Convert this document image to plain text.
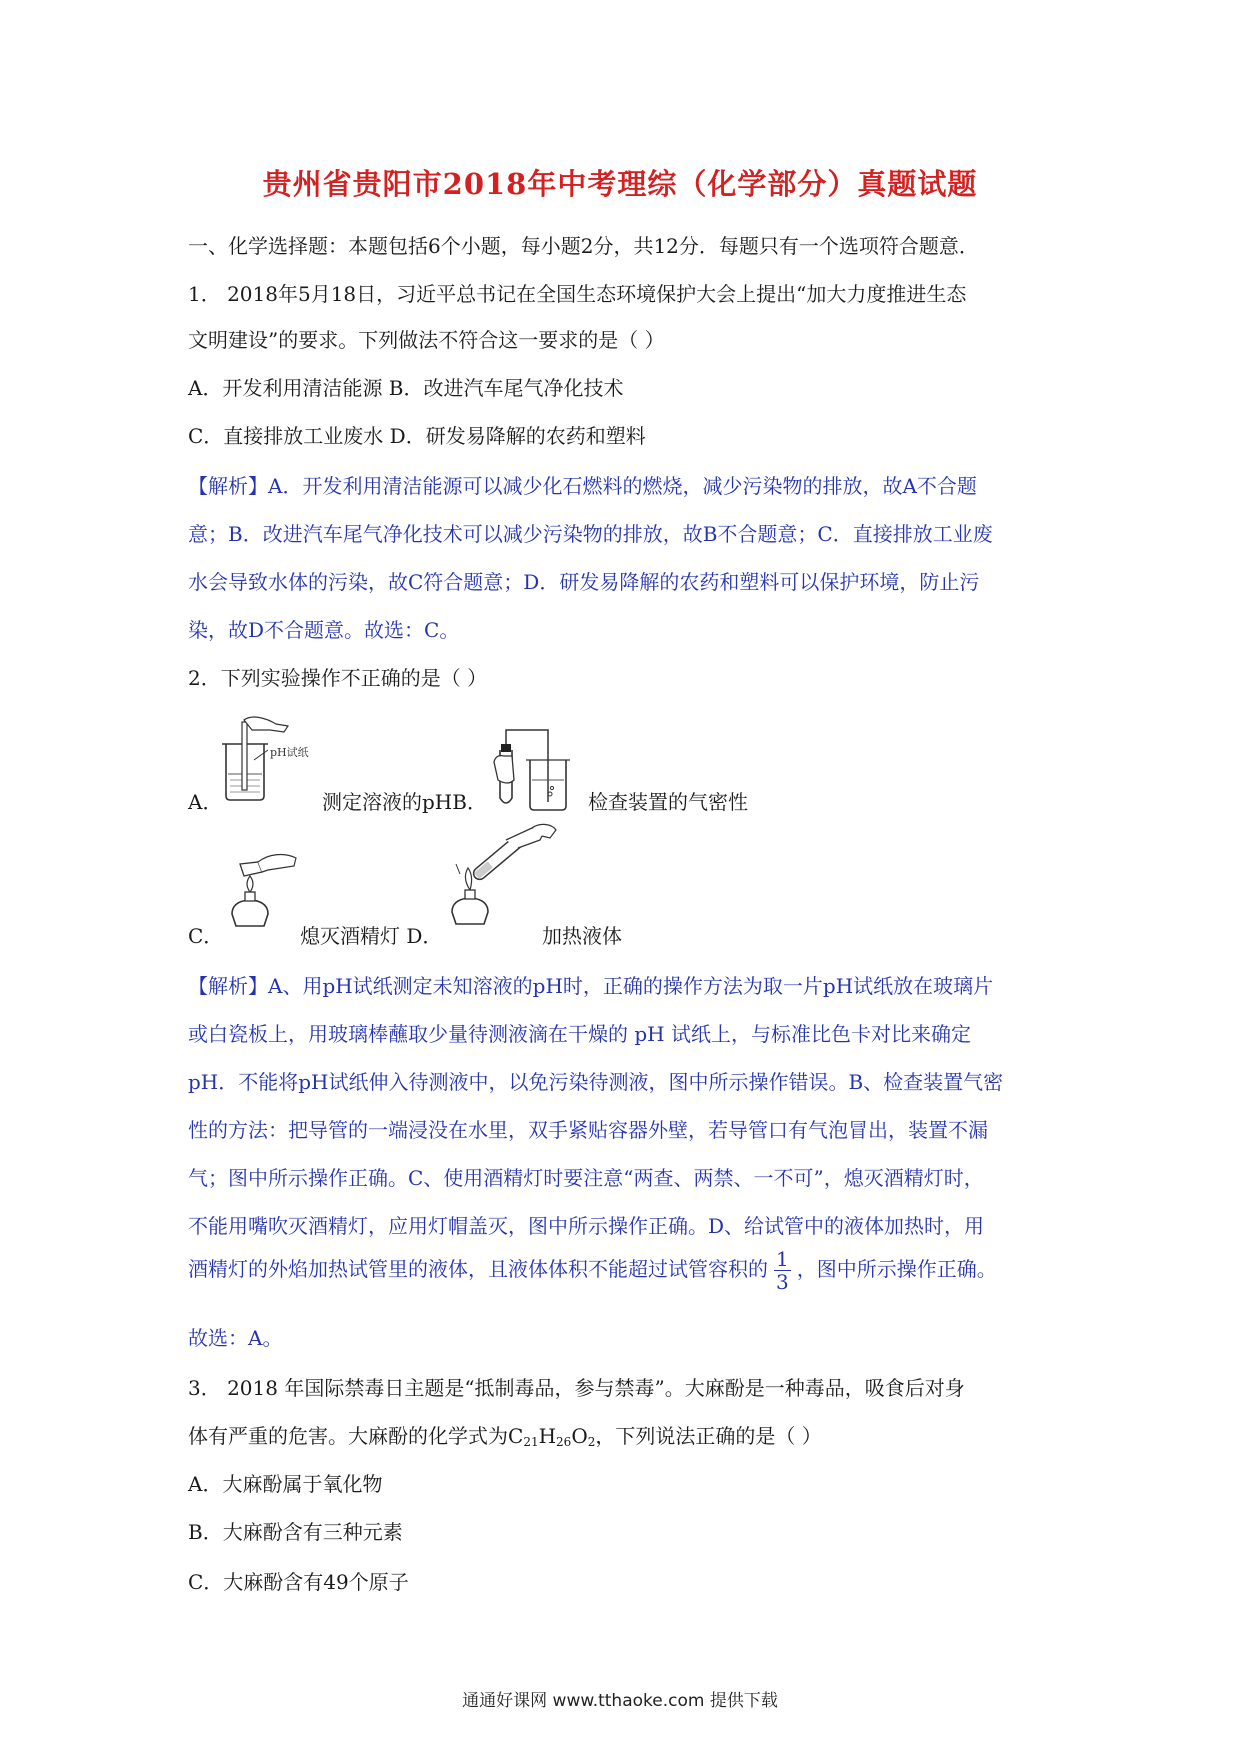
贵州省贵阳市2018年中考理综（化学部分）真题试题
一、化学选择题：本题包括6个小题，每小题2分，共12分．每题只有一个选项符合题意．
1． 2018年5月18日，习近平总书记在全国生态环境保护大会上提出“加大力度推进生态
文明建设”的要求。下列做法不符合这一要求的是（ ）
A．开发利用清洁能源 B．改进汽车尾气净化技术
C．直接排放工业废水 D．研发易降解的农药和塑料
【解析】A．开发利用清洁能源可以减少化石燃料的燃烧，减少污染物的排放，故A不合题
意；B．改进汽车尾气净化技术可以减少污染物的排放，故B不合题意；C．直接排放工业废
水会导致水体的污染，故C符合题意；D．研发易降解的农药和塑料可以保护环境，防止污
染，故D不合题意。故选：C。
2．下列实验操作不正确的是（ ）
pH试纸
A．	测定溶液的pHB．	检查装置的气密性
C．	熄灭酒精灯 D．	加热液体
【解析】A、用pH试纸测定未知溶液的pH时，正确的操作方法为取一片pH试纸放在玻璃片
或白瓷板上，用玻璃棒蘸取少量待测液滴在干燥的 pH 试纸上，与标准比色卡对比来确定
pH．不能将pH试纸伸入待测液中，以免污染待测液，图中所示操作错误。B、检查装置气密
性的方法：把导管的一端浸没在水里，双手紧贴容器外壁，若导管口有气泡冒出，装置不漏
气；图中所示操作正确。C、使用酒精灯时要注意“两查、两禁、一不可”，熄灭酒精灯时，
不能用嘴吹灭酒精灯，应用灯帽盖灭，图中所示操作正确。D、给试管中的液体加热时，用
酒精灯的外焰加热试管里的液体，且液体体积不能超过试管容积的 $\frac{1}{3}$ ，图中所示操作正确。
故选：A。
3． 2018 年国际禁毒日主题是“抵制毒品，参与禁毒”。大麻酚是一种毒品，吸食后对身
体有严重的危害。大麻酚的化学式为$C_{21}H_{26}O_2$，下列说法正确的是（ ）
A．大麻酚属于氧化物
B．大麻酚含有三种元素
C．大麻酚含有49个原子
通通好课网 www.tthaoke.com 提供下载
